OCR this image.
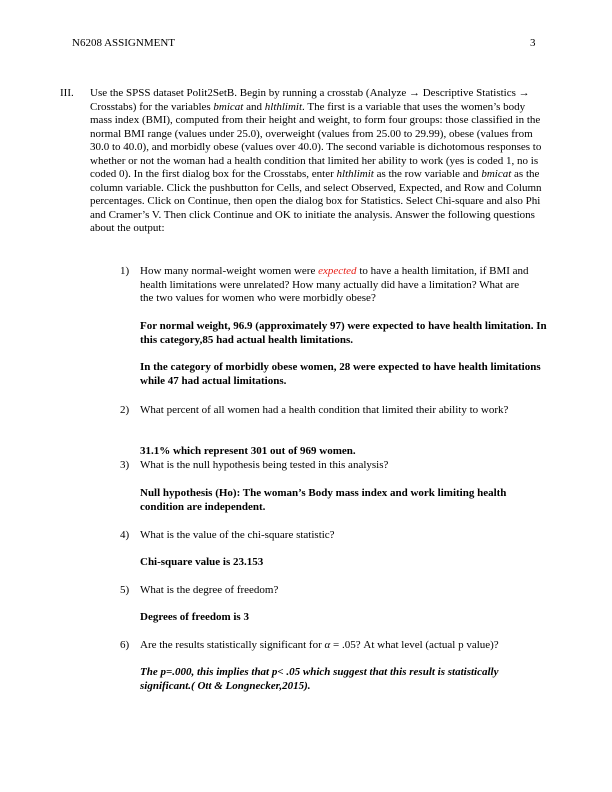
N6208 ASSIGNMENT	3
III. Use the SPSS dataset Polit2SetB. Begin by running a crosstab (Analyze → Descriptive Statistics → Crosstabs) for the variables bmicat and hlthlimit. The first is a variable that uses the women’s body mass index (BMI), computed from their height and weight, to form four groups: those classified in the normal BMI range (values under 25.0), overweight (values from 25.00 to 29.99), obese (values from 30.0 to 40.0), and morbidly obese (values over 40.0). The second variable is dichotomous responses to whether or not the woman had a health condition that limited her ability to work (yes is coded 1, no is coded 0). In the first dialog box for the Crosstabs, enter hlthlimit as the row variable and bmicat as the column variable. Click the pushbutton for Cells, and select Observed, Expected, and Row and Column percentages. Click on Continue, then open the dialog box for Statistics. Select Chi-square and also Phi and Cramer’s V. Then click Continue and OK to initiate the analysis. Answer the following questions about the output:
1) How many normal-weight women were expected to have a health limitation, if BMI and health limitations were unrelated? How many actually did have a limitation? What are the two values for women who were morbidly obese?
For normal weight, 96.9 (approximately 97) were expected to have health limitation. In this category,85 had actual health limitations.
In the category of morbidly obese women, 28 were expected to have health limitations while 47 had actual limitations.
2) What percent of all women had a health condition that limited their ability to work?
31.1% which represent 301 out of 969 women.
3) What is the null hypothesis being tested in this analysis?
Null hypothesis (Ho): The woman’s Body mass index and work limiting health condition are independent.
4) What is the value of the chi-square statistic?
Chi-square value is 23.153
5) What is the degree of freedom?
Degrees of freedom is 3
6) Are the results statistically significant for α = .05? At what level (actual p value)?
The p=.000, this implies that p< .05 which suggest that this result is statistically significant.( Ott & Longnecker,2015).
